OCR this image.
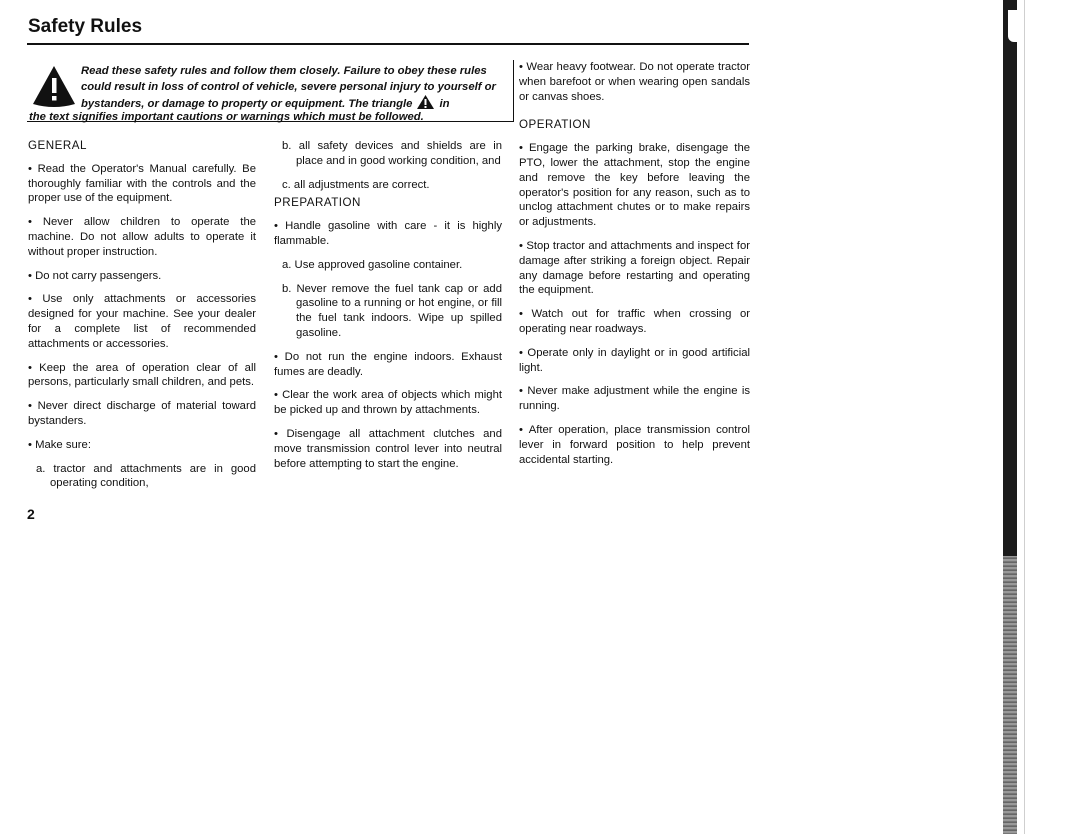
Safety Rules
Read these safety rules and follow them closely. Failure to obey these rules
could result in loss of control of vehicle, severe personal injury to yourself or
bystanders, or damage to property or equipment. The triangle in
the text signifies important cautions or warnings which must be followed.

GENERAL

• Read the Operator's Manual carefully. Be thoroughly familiar with the controls and the proper use of the equipment.

• Never allow children to operate the machine. Do not allow adults to operate it without proper instruction.

• Do not carry passengers.

• Use only attachments or accessories designed for your machine. See your dealer for a complete list of recommended attachments or accessories.

• Keep the area of operation clear of all persons, particularly small children, and pets.

• Never direct discharge of material toward bystanders.

• Make sure:

a. tractor and attachments are in good operating condition,

b. all safety devices and shields are in place and in good working condition, and

c. all adjustments are correct.

PREPARATION

• Handle gasoline with care - it is highly flammable.

a. Use approved gasoline container.

b. Never remove the fuel tank cap or add gasoline to a running or hot engine, or fill the fuel tank indoors. Wipe up spilled gasoline.

• Do not run the engine indoors. Exhaust fumes are deadly.

• Clear the work area of objects which might be picked up and thrown by attachments.

• Disengage all attachment clutches and move transmission control lever into neutral before attempting to start the engine.

• Wear heavy footwear. Do not operate tractor when barefoot or when wearing open sandals or canvas shoes.

OPERATION

• Engage the parking brake, disengage the PTO, lower the attachment, stop the engine and remove the key before leaving the operator's position for any reason, such as to unclog attachment chutes or to make repairs or adjustments.

• Stop tractor and attachments and inspect for damage after striking a foreign object. Repair any damage before restarting and operating the equipment.

• Watch out for traffic when crossing or operating near roadways.

• Operate only in daylight or in good artificial light.

• Never make adjustment while the engine is running.

• After operation, place transmission control lever in forward position to help prevent accidental starting.

2
